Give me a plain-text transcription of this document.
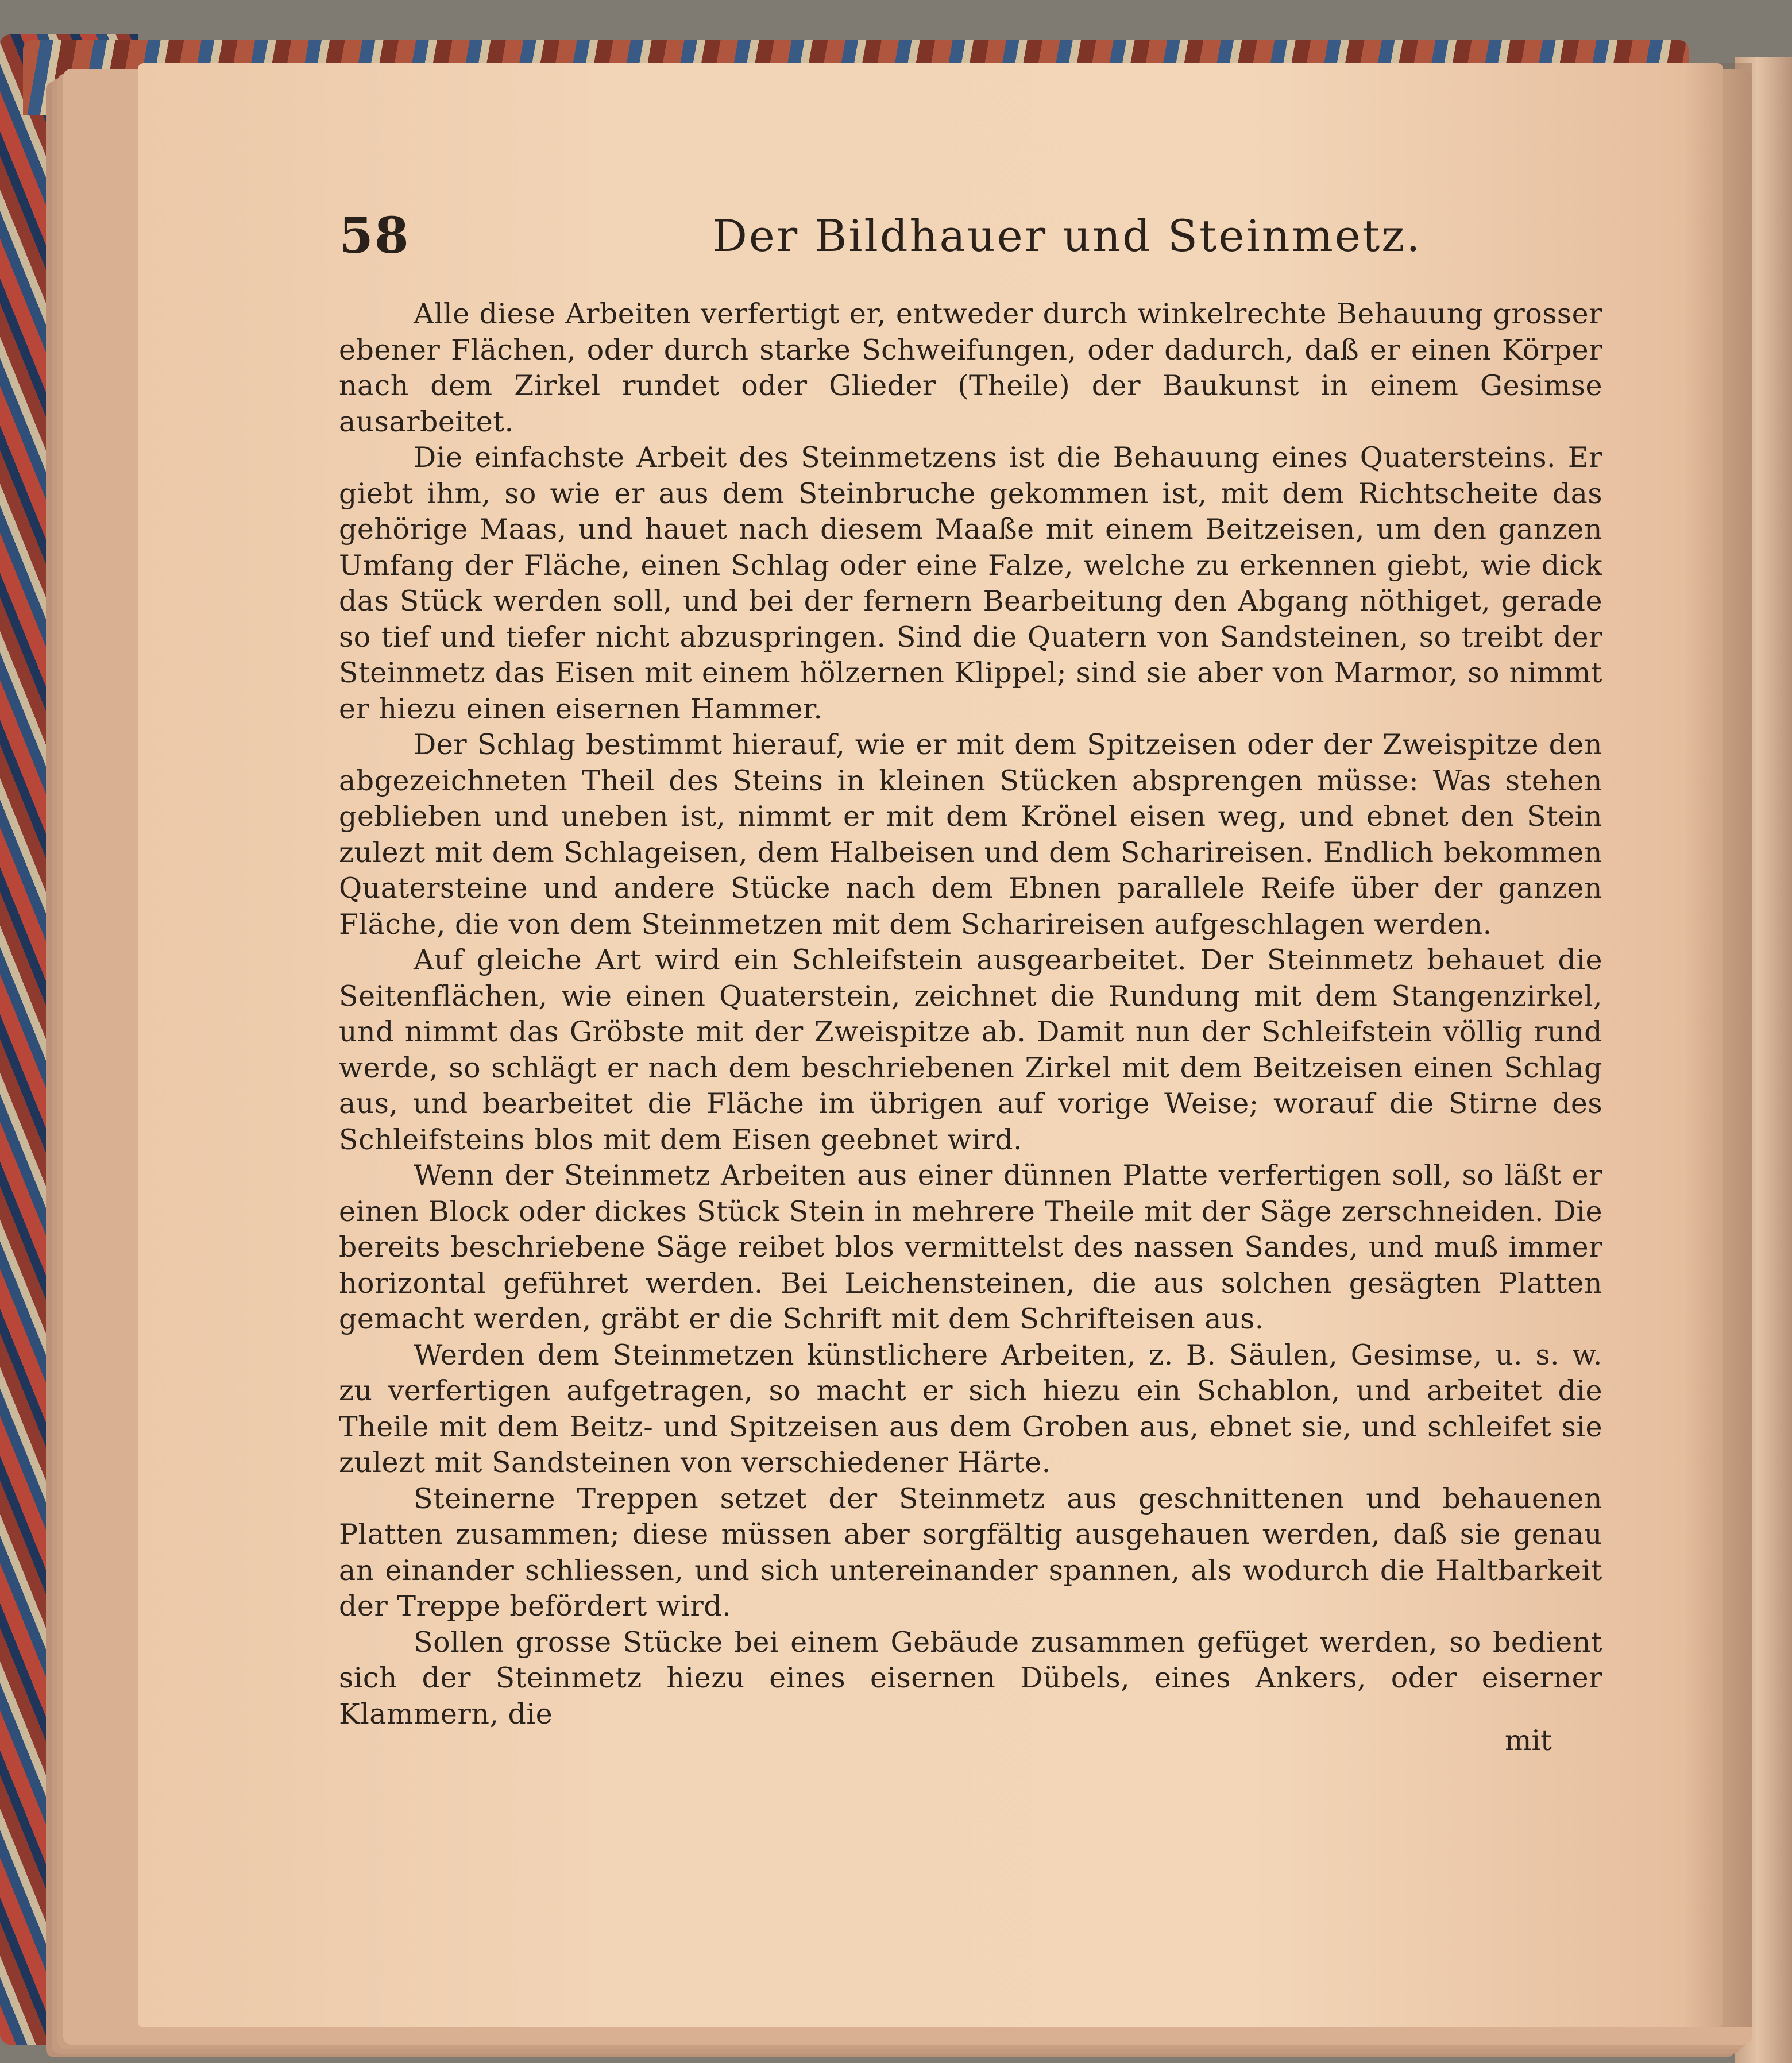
58	Der Bildhauer und Steinmetz.

Alle diese Arbeiten verfertigt er, entweder durch winkelrechte Behauung grosser ebener Flächen, oder durch starke Schweifungen, oder dadurch, daß er einen Körper nach dem Zirkel rundet oder Glieder (Theile) der Baukunst in einem Gesimse ausarbeitet.

Die einfachste Arbeit des Steinmetzens ist die Behauung eines Quatersteins. Er giebt ihm, so wie er aus dem Steinbruche gekommen ist, mit dem Richtscheite das gehörige Maas, und hauet nach diesem Maaße mit einem Beitzeisen, um den ganzen Umfang der Fläche, einen Schlag oder eine Falze, welche zu erkennen giebt, wie dick das Stück werden soll, und bei der fernern Bearbeitung den Abgang nöthiget, gerade so tief und tiefer nicht abzuspringen. Sind die Quatern von Sandsteinen, so treibt der Steinmetz das Eisen mit einem hölzernen Klippel; sind sie aber von Marmor, so nimmt er hiezu einen eisernen Hammer.

Der Schlag bestimmt hierauf, wie er mit dem Spitzeisen oder der Zweispitze den abgezeichneten Theil des Steins in kleinen Stücken absprengen müsse: Was stehen geblieben und uneben ist, nimmt er mit dem Krönel eisen weg, und ebnet den Stein zulezt mit dem Schlageisen, dem Halbeisen und dem Scharireisen. Endlich bekommen Quatersteine und andere Stücke nach dem Ebnen parallele Reife über der ganzen Fläche, die von dem Steinmetzen mit dem Scharireisen aufgeschlagen werden.

Auf gleiche Art wird ein Schleifstein ausgearbeitet. Der Steinmetz behauet die Seitenflächen, wie einen Quaterstein, zeichnet die Rundung mit dem Stangenzirkel, und nimmt das Gröbste mit der Zweispitze ab. Damit nun der Schleifstein völlig rund werde, so schlägt er nach dem beschriebenen Zirkel mit dem Beitzeisen einen Schlag aus, und bearbeitet die Fläche im übrigen auf vorige Weise; worauf die Stirne des Schleifsteins blos mit dem Eisen geebnet wird.

Wenn der Steinmetz Arbeiten aus einer dünnen Platte verfertigen soll, so läßt er einen Block oder dickes Stück Stein in mehrere Theile mit der Säge zerschneiden. Die bereits beschriebene Säge reibet blos vermittelst des nassen Sandes, und muß immer horizontal geführet werden. Bei Leichensteinen, die aus solchen gesägten Platten gemacht werden, gräbt er die Schrift mit dem Schrifteisen aus.

Werden dem Steinmetzen künstlichere Arbeiten, z. B. Säulen, Gesimse, u. s. w. zu verfertigen aufgetragen, so macht er sich hiezu ein Schablon, und arbeitet die Theile mit dem Beitz- und Spitzeisen aus dem Groben aus, ebnet sie, und schleifet sie zulezt mit Sandsteinen von verschiedener Härte.

Steinerne Treppen setzet der Steinmetz aus geschnittenen und behauenen Platten zusammen; diese müssen aber sorgfältig ausgehauen werden, daß sie genau an einander schliessen, und sich untereinander spannen, als wodurch die Haltbarkeit der Treppe befördert wird.

Sollen grosse Stücke bei einem Gebäude zusammen gefüget werden, so bedient sich der Steinmetz hiezu eines eisernen Dübels, eines Ankers, oder eiserner Klammern, die

mit
